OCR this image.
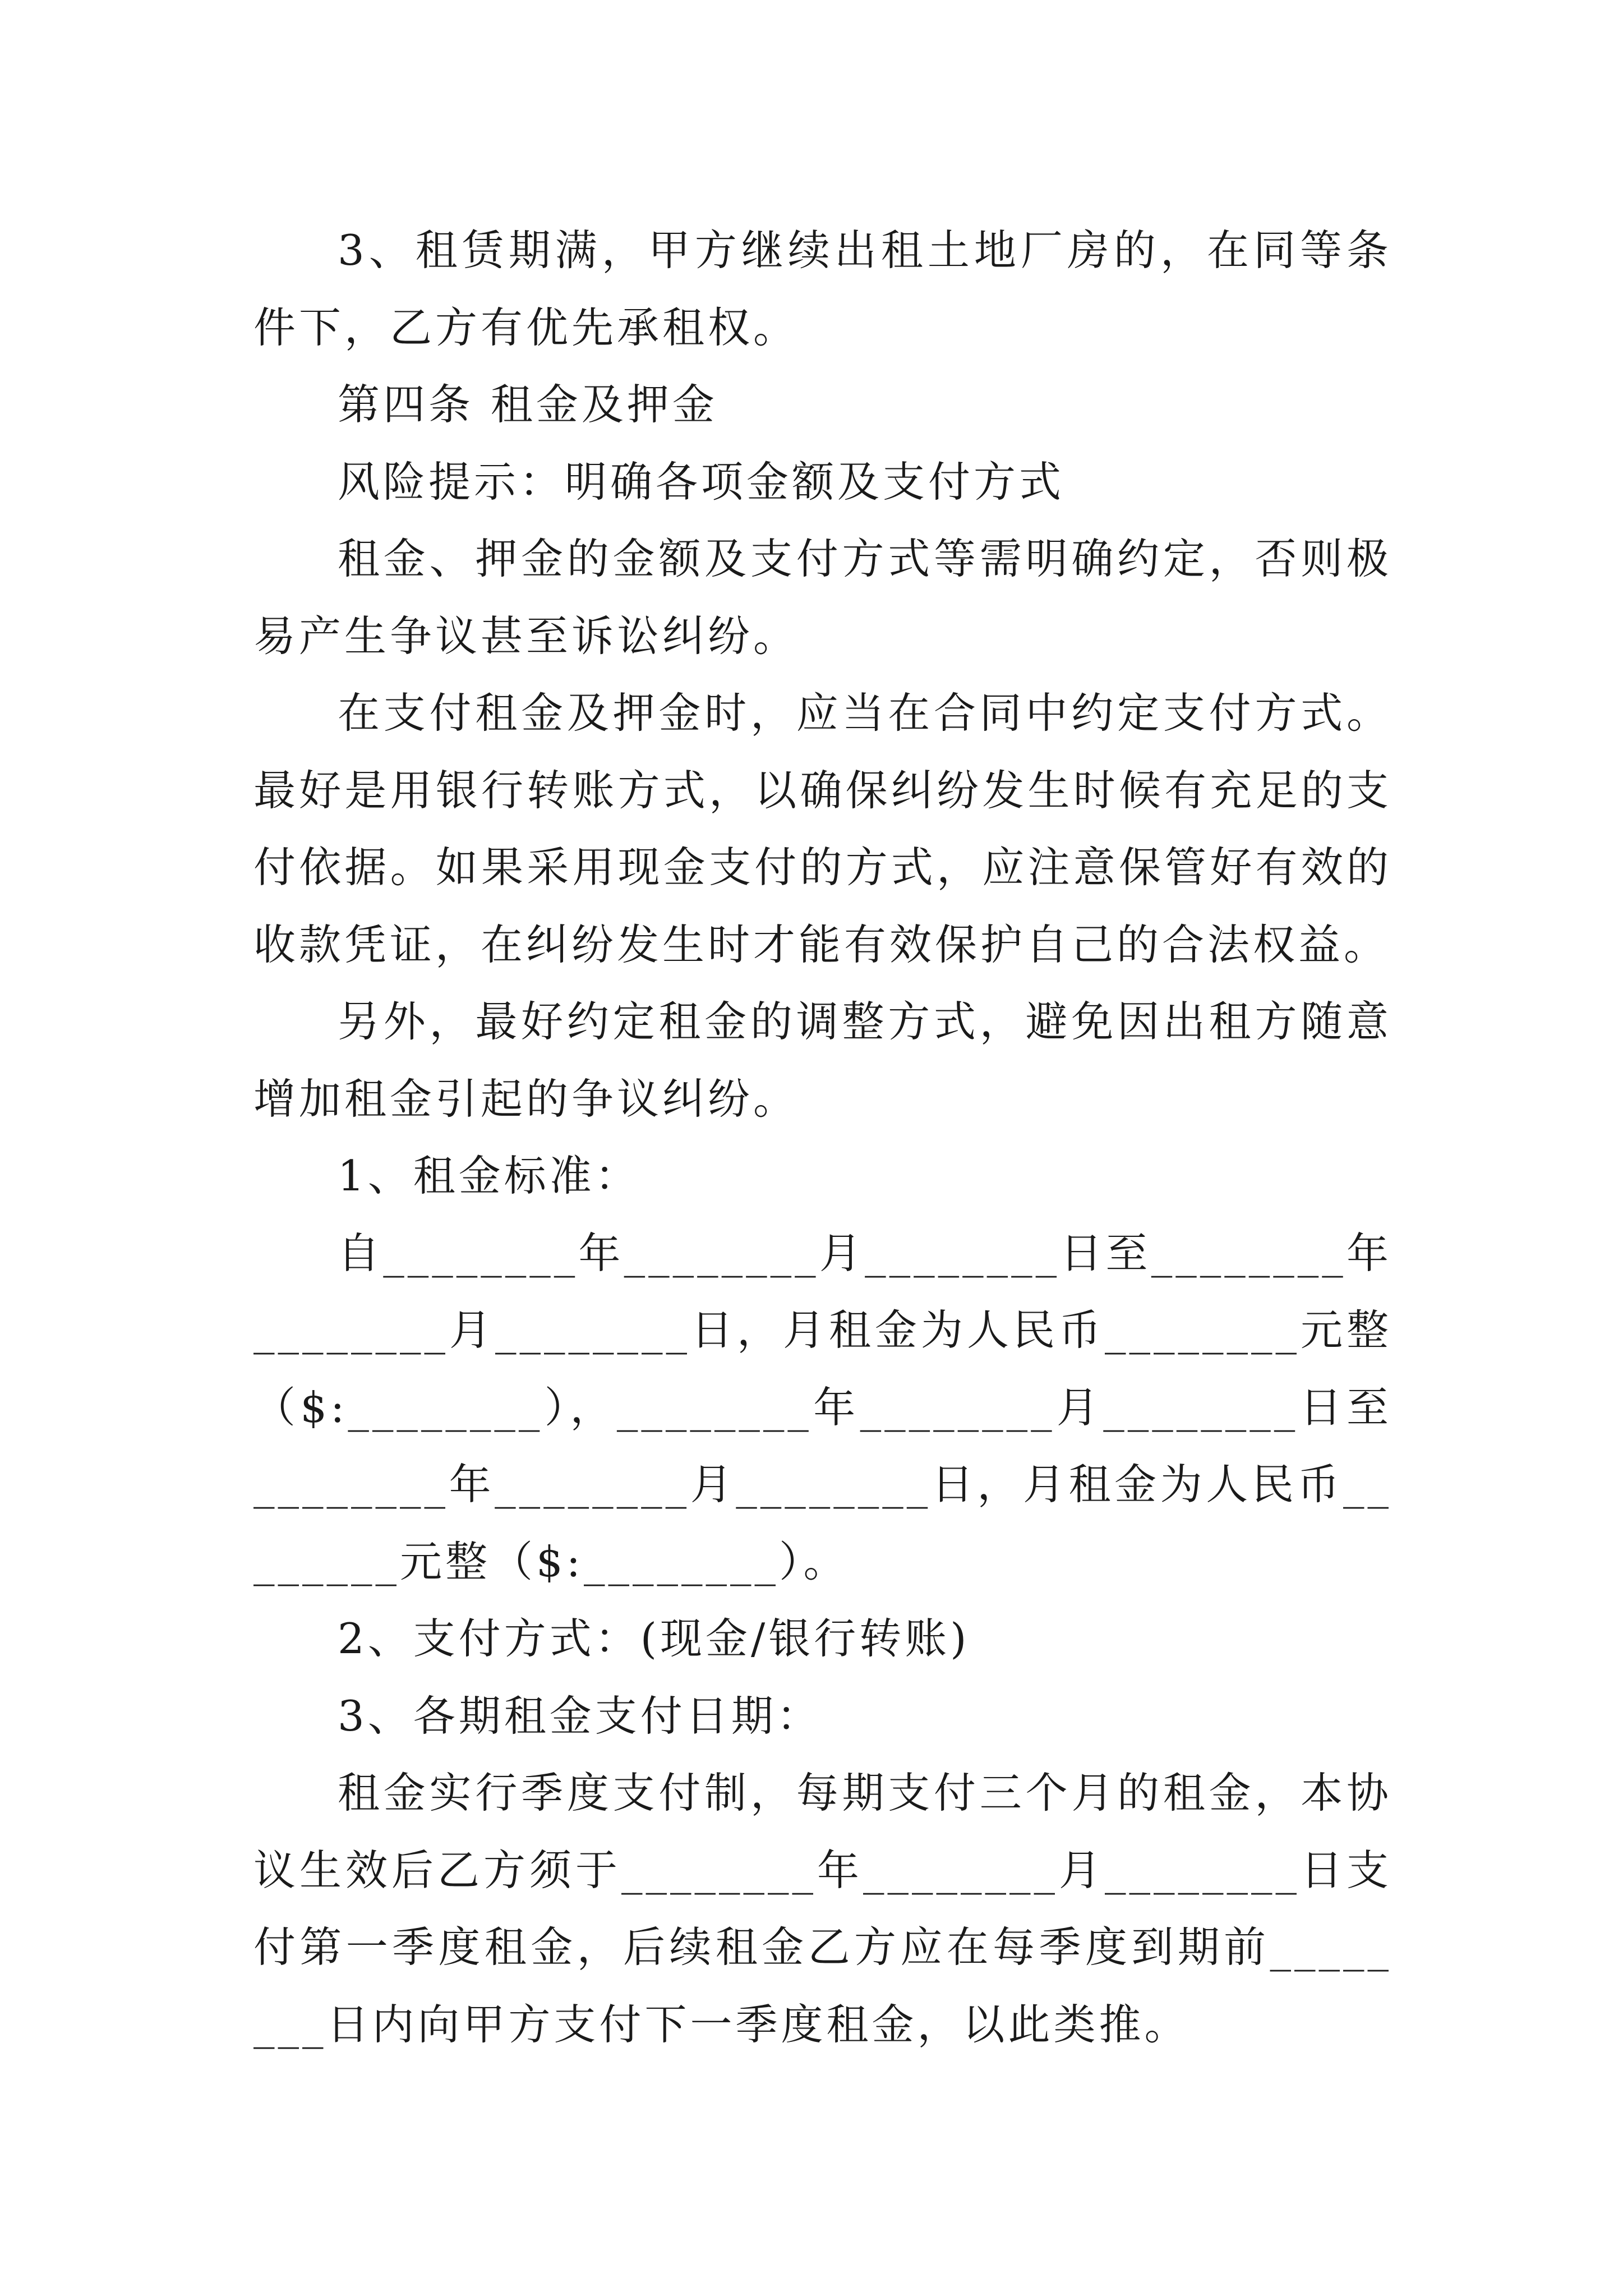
3、租赁期满，甲方继续出租土地厂房的，在同等条件下，乙方有优先承租权。

第四条 租金及押金

风险提示：明确各项金额及支付方式

租金、押金的金额及支付方式等需明确约定，否则极易产生争议甚至诉讼纠纷。

在支付租金及押金时，应当在合同中约定支付方式。最好是用银行转账方式，以确保纠纷发生时候有充足的支付依据。如果采用现金支付的方式，应注意保管好有效的收款凭证，在纠纷发生时才能有效保护自己的合法权益。

另外，最好约定租金的调整方式，避免因出租方随意增加租金引起的争议纠纷。

1、租金标准：

自________年________月________日至________年________月________日，月租金为人民币________元整（$:________），________年________月________日至________年________月________日，月租金为人民币________元整（$:________）。

2、支付方式：(现金/银行转账)

3、各期租金支付日期：

租金实行季度支付制，每期支付三个月的租金，本协议生效后乙方须于________年________月________日支付第一季度租金，后续租金乙方应在每季度到期前________日内向甲方支付下一季度租金，以此类推。
